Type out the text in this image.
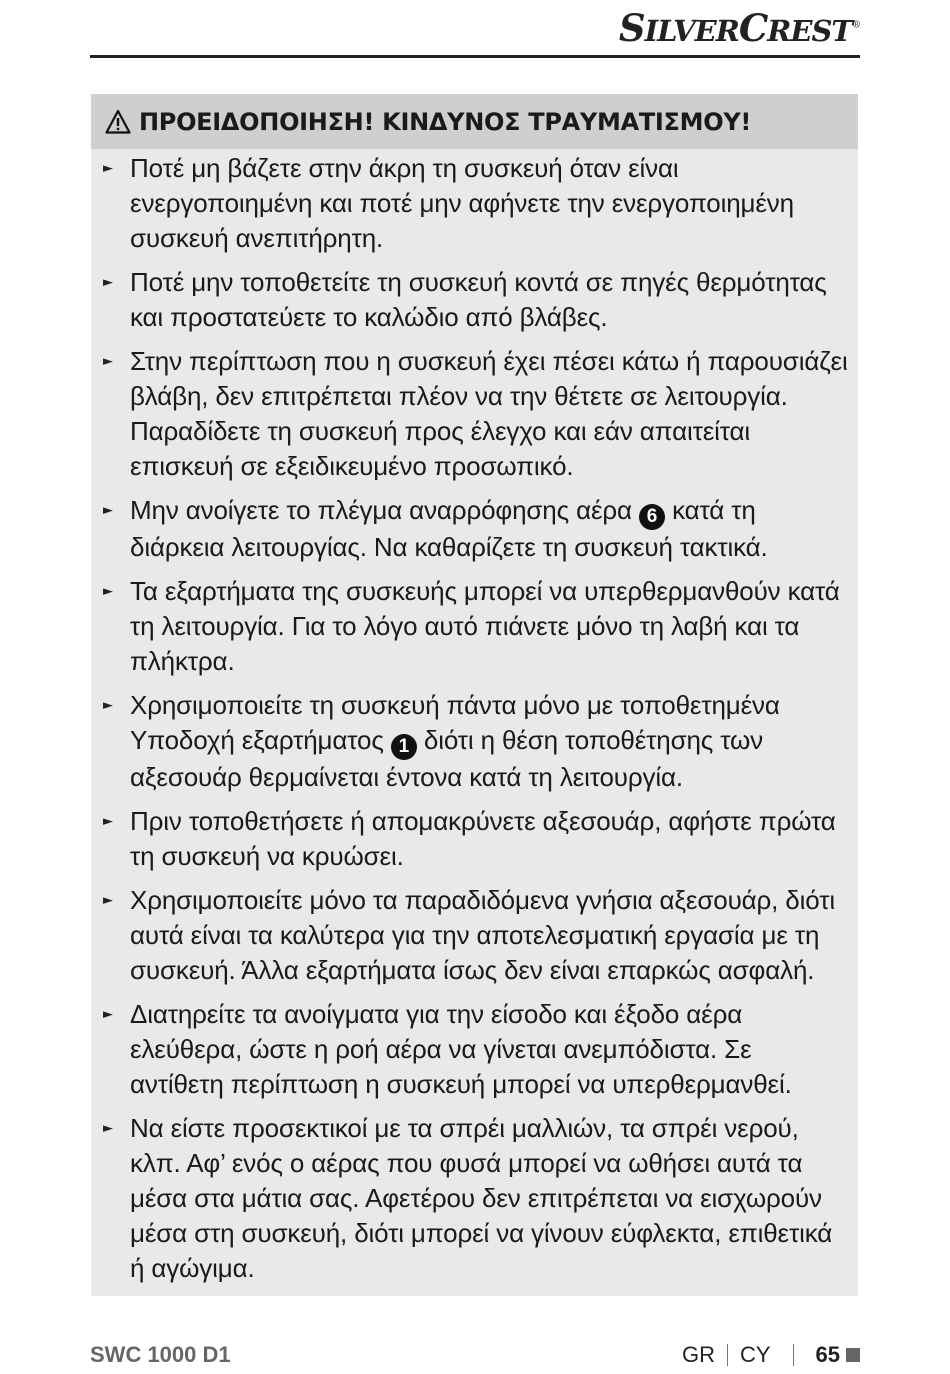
SILVERCREST®
ΠΡΟΕΙΔΟΠΟΙΗΣΗ! ΚΙΝΔΥΝΟΣ ΤΡΑΥΜΑΤΙΣΜΟΥ!
► Ποτέ μη βάζετε στην άκρη τη συσκευή όταν είναι ενεργοποιημένη και ποτέ μην αφήνετε την ενεργοποιημένη συσκευή ανεπιτήρητη.
► Ποτέ μην τοποθετείτε τη συσκευή κοντά σε πηγές θερμότητας και προστατεύετε το καλώδιο από βλάβες.
► Στην περίπτωση που η συσκευή έχει πέσει κάτω ή παρουσιάζει βλάβη, δεν επιτρέπεται πλέον να την θέτετε σε λειτουργία. Παραδίδετε τη συσκευή προς έλεγχο και εάν απαιτείται επισκευή σε εξειδικευμένο προσωπικό.
► Μην ανοίγετε το πλέγμα αναρρόφησης αέρα 6 κατά τη διάρκεια λειτουργίας. Να καθαρίζετε τη συσκευή τακτικά.
► Τα εξαρτήματα της συσκευής μπορεί να υπερθερμανθούν κατά τη λειτουργία. Για το λόγο αυτό πιάνετε μόνο τη λαβή και τα πλήκτρα.
► Χρησιμοποιείτε τη συσκευή πάντα μόνο με τοποθετημένα Υποδοχή εξαρτήματος 1 διότι η θέση τοποθέτησης των αξεσουάρ θερμαίνεται έντονα κατά τη λειτουργία.
► Πριν τοποθετήσετε ή απομακρύνετε αξεσουάρ, αφήστε πρώτα τη συσκευή να κρυώσει.
► Χρησιμοποιείτε μόνο τα παραδιδόμενα γνήσια αξεσουάρ, διότι αυτά είναι τα καλύτερα για την αποτελεσματική εργασία με τη συσκευή. Άλλα εξαρτήματα ίσως δεν είναι επαρκώς ασφαλή.
► Διατηρείτε τα ανοίγματα για την είσοδο και έξοδο αέρα ελεύθερα, ώστε η ροή αέρα να γίνεται ανεμπόδιστα. Σε αντίθετη περίπτωση η συσκευή μπορεί να υπερθερμανθεί.
► Να είστε προσεκτικοί με τα σπρέι μαλλιών, τα σπρέι νερού, κλπ. Αφ’ ενός ο αέρας που φυσά μπορεί να ωθήσει αυτά τα μέσα στα μάτια σας. Αφετέρου δεν επιτρέπεται να εισχωρούν μέσα στη συσκευή, διότι μπορεί να γίνουν εύφλεκτα, επιθετικά ή αγώγιμα.
SWC 1000 D1	GR CY 65
